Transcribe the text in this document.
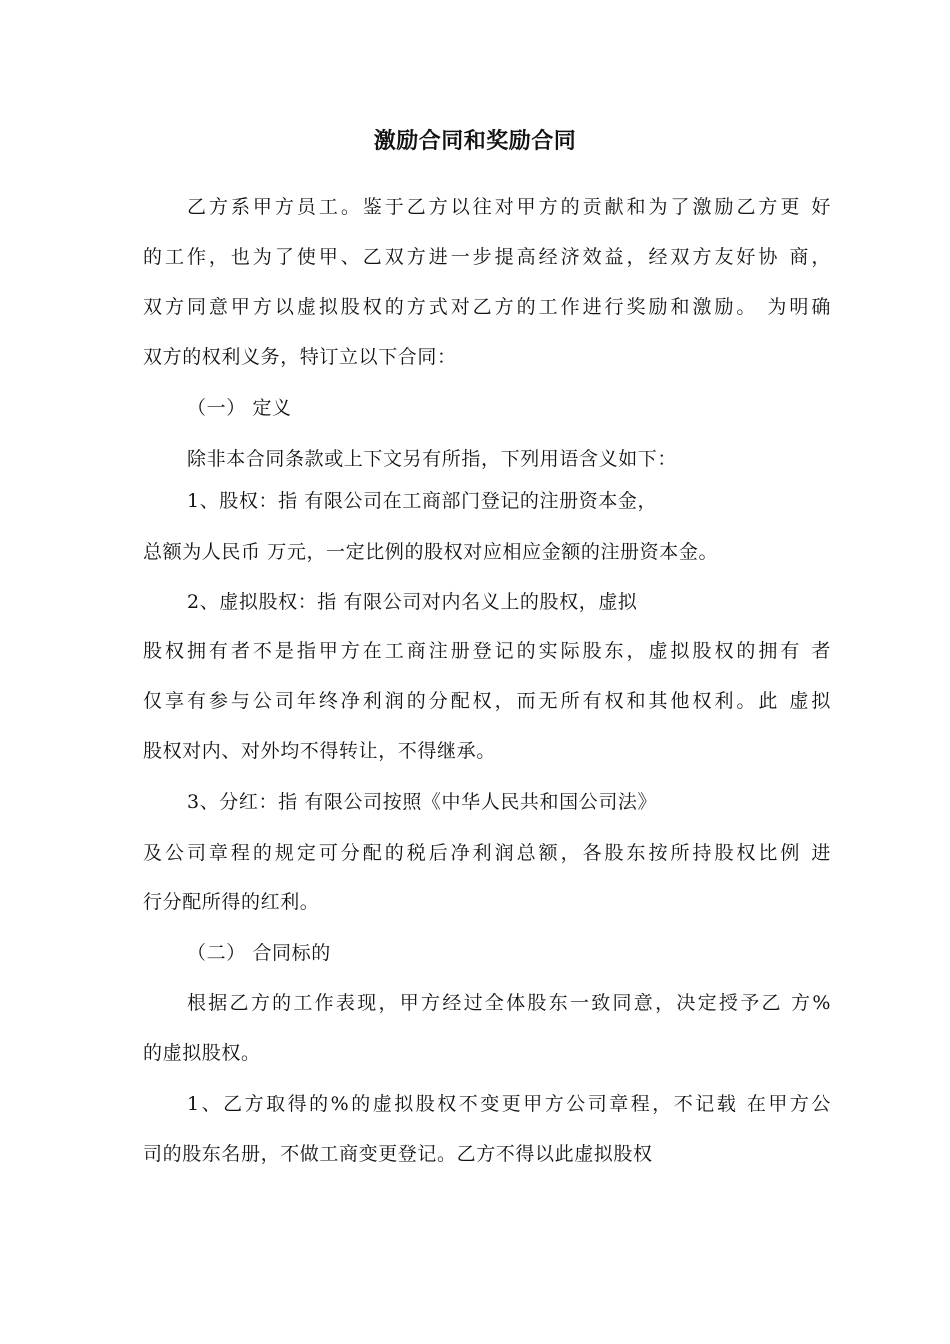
激励合同和奖励合同
乙方系甲方员工。鉴于乙方以往对甲方的贡献和为了激励乙方更 好
的工作，也为了使甲、乙双方进一步提高经济效益，经双方友好协 商，
双方同意甲方以虚拟股权的方式对乙方的工作进行奖励和激励。 为明确
双方的权利义务，特订立以下合同：
（一） 定义
除非本合同条款或上下文另有所指，下列用语含义如下：
1、股权：指 有限公司在工商部门登记的注册资本金，
总额为人民币 万元，一定比例的股权对应相应金额的注册资本金。
2、虚拟股权：指 有限公司对内名义上的股权，虚拟
股权拥有者不是指甲方在工商注册登记的实际股东，虚拟股权的拥有 者
仅享有参与公司年终净利润的分配权，而无所有权和其他权利。此 虚拟
股权对内、对外均不得转让，不得继承。
3、分红：指 有限公司按照《中华人民共和国公司法》
及公司章程的规定可分配的税后净利润总额，各股东按所持股权比例 进
行分配所得的红利。
（二） 合同标的
根据乙方的工作表现，甲方经过全体股东一致同意，决定授予乙 方%
的虚拟股权。
1、乙方取得的%的虚拟股权不变更甲方公司章程，不记载 在甲方公
司的股东名册，不做工商变更登记。乙方不得以此虚拟股权
